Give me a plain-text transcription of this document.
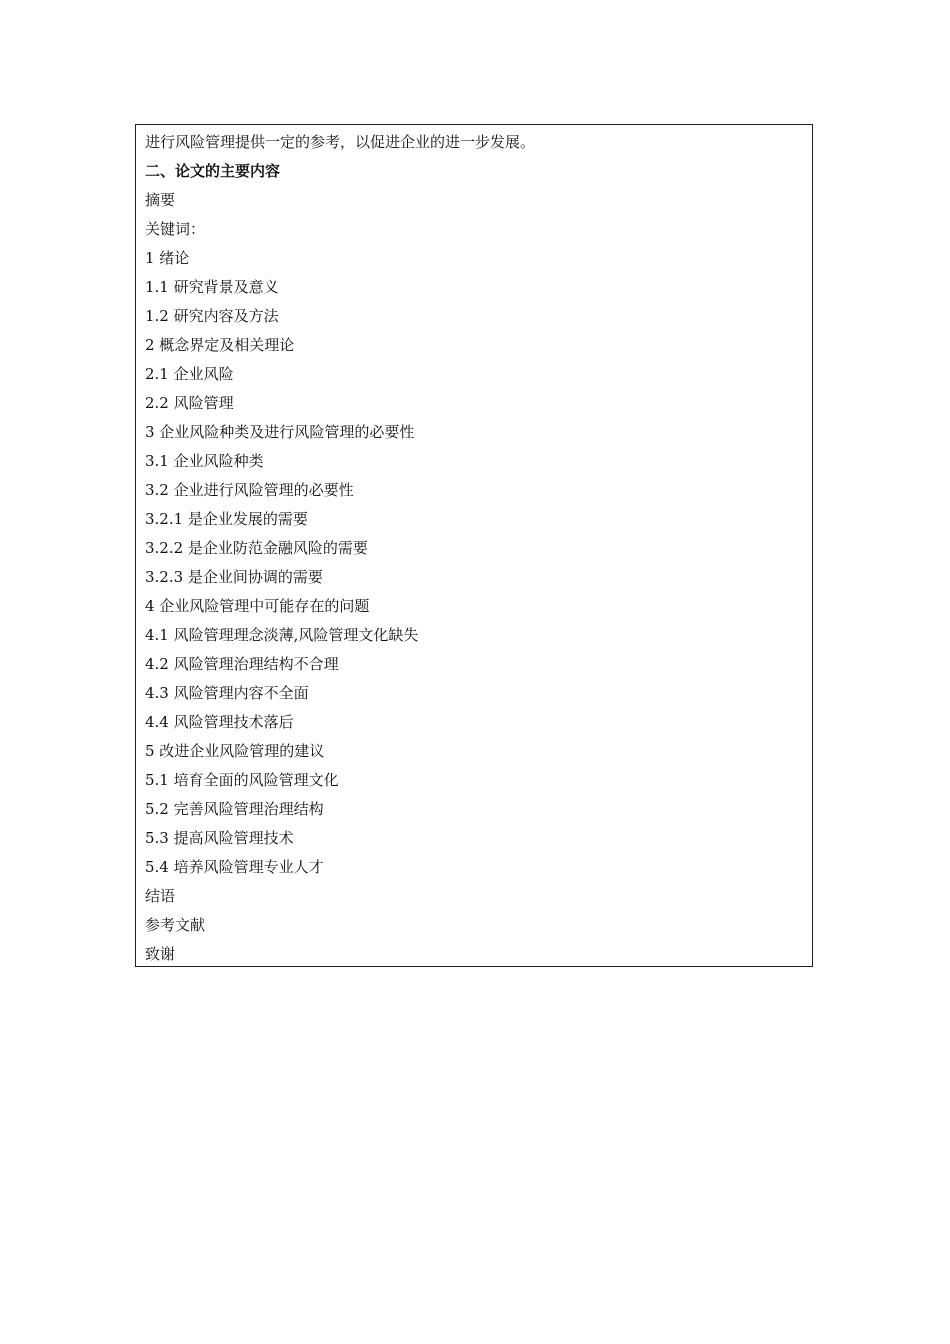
进行风险管理提供一定的参考，以促进企业的进一步发展。
二、论文的主要内容
摘要
关键词：
1 绪论
1.1 研究背景及意义
1.2 研究内容及方法
2 概念界定及相关理论
2.1 企业风险
2.2 风险管理
3 企业风险种类及进行风险管理的必要性
3.1 企业风险种类
3.2 企业进行风险管理的必要性
3.2.1 是企业发展的需要
3.2.2 是企业防范金融风险的需要
3.2.3 是企业间协调的需要
4 企业风险管理中可能存在的问题
4.1 风险管理理念淡薄,风险管理文化缺失
4.2 风险管理治理结构不合理
4.3 风险管理内容不全面
4.4 风险管理技术落后
5 改进企业风险管理的建议
5.1 培育全面的风险管理文化
5.2 完善风险管理治理结构
5.3 提高风险管理技术
5.4 培养风险管理专业人才
结语
参考文献
致谢
